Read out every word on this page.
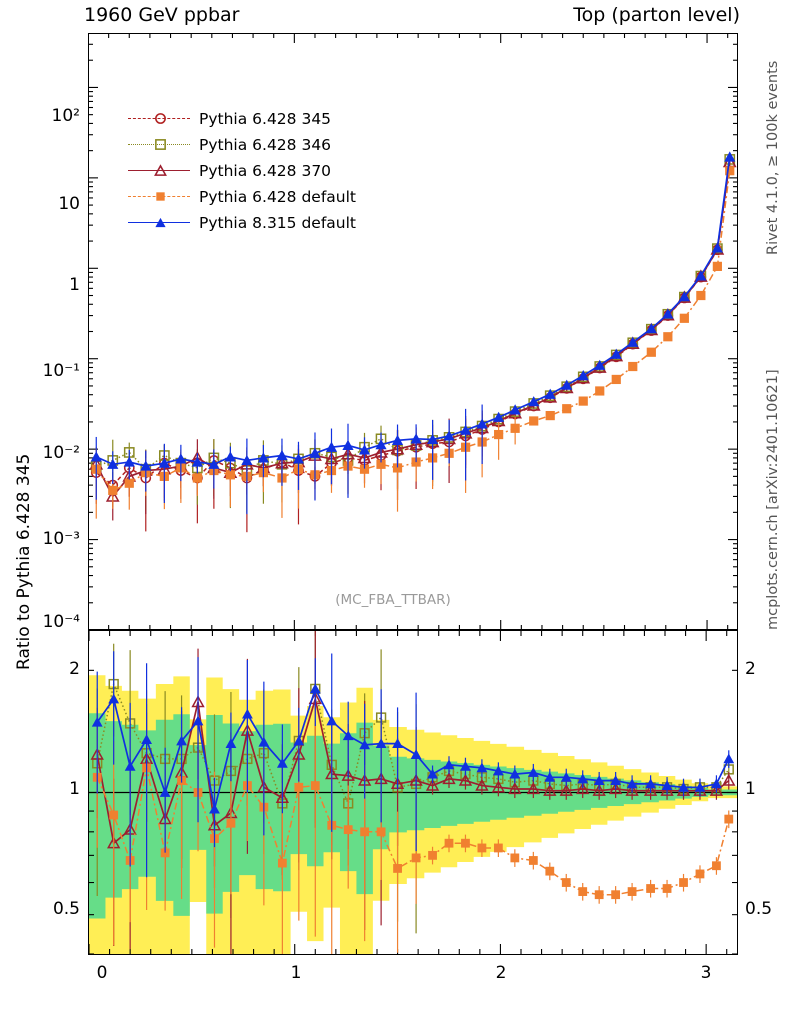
1960 GeV ppbar	Top (parton level)
Rivet 4.1.0, ≥ 100k events
mcplots.cern.ch [arXiv:2401.10621]
10²
10
1
10⁻¹
10⁻²
10⁻³
10⁻⁴
Pythia 6.428 345
Pythia 6.428 346
Pythia 6.428 370
Pythia 6.428 default
Pythia 8.315 default
(MC_FBA_TTBAR)
Ratio to Pythia 6.428 345	2
1
0.5
2
1
0.5
0	1	2	3
